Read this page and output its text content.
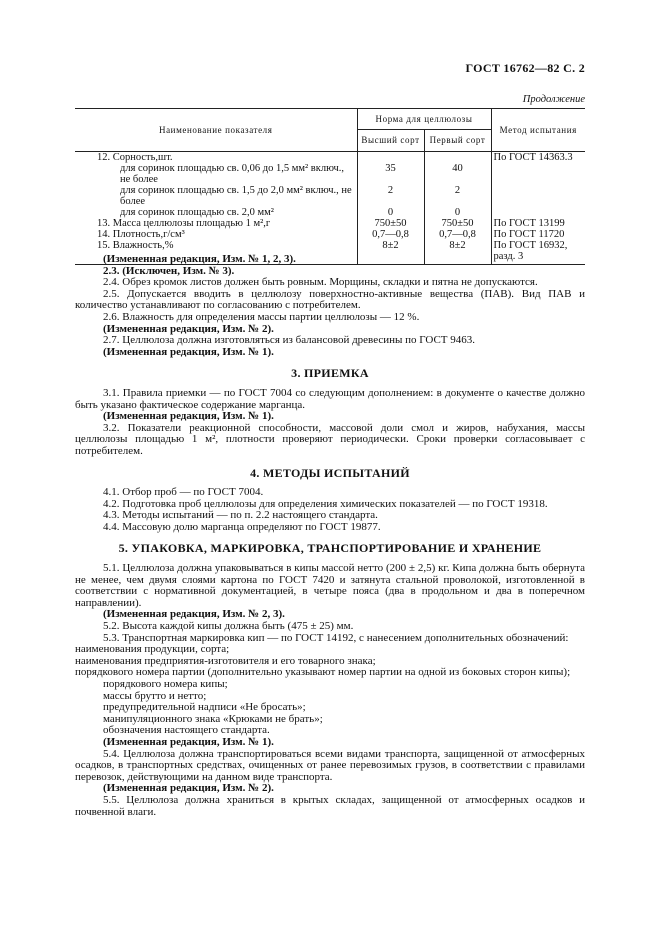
ГОСТ 16762—82 С. 2
Продолжение
Наименование показателя	Норма для целлюлозы		Метод испытания
	Высший сорт	Первый сорт	
12. Сорность,шт.			По ГОСТ 14363.3
для соринок площадью св. 0,06 до 1,5 мм² включ., не более	35	40	
для соринок площадью св. 1,5 до 2,0 мм² включ., не более	2	2	
для соринок площадью св. 2,0 мм²	0	0	
13. Масса целлюлозы площадью 1 м²,г	750±50	750±50	По ГОСТ 13199
14. Плотность,г/см³	0,7—0,8	0,7—0,8	По ГОСТ 11720
15. Влажность,%	8±2	8±2	По ГОСТ 16932, разд. 3

(Измененная редакция, Изм. № 1, 2, 3).

2.3. (Исключен, Изм. № 3).

2.4. Обрез кромок листов должен быть ровным. Морщины, складки и пятна не допускаются.

2.5. Допускается вводить в целлюлозу поверхностно-активные вещества (ПАВ). Вид ПАВ и количество устанавливают по согласованию с потребителем.

2.6. Влажность для определения массы партии целлюлозы — 12 %.

(Измененная редакция, Изм. № 2).

2.7. Целлюлоза должна изготовляться из балансовой древесины по ГОСТ 9463.

(Измененная редакция, Изм. № 1).

3. ПРИЕМКА

3.1. Правила приемки — по ГОСТ 7004 со следующим дополнением: в документе о качестве должно быть указано фактическое содержание марганца.

(Измененная редакция, Изм. № 1).

3.2. Показатели реакционной способности, массовой доли смол и жиров, набухания, массы целлюлозы площадью 1 м², плотности проверяют периодически. Сроки проверки согласовывает с потребителем.

4. МЕТОДЫ ИСПЫТАНИЙ

4.1. Отбор проб — по ГОСТ 7004.

4.2. Подготовка проб целлюлозы для определения химических показателей — по ГОСТ 19318.

4.3. Методы испытаний — по п. 2.2 настоящего стандарта.

4.4. Массовую долю марганца определяют по ГОСТ 19877.

5. УПАКОВКА, МАРКИРОВКА, ТРАНСПОРТИРОВАНИЕ И ХРАНЕНИЕ

5.1. Целлюлоза должна упаковываться в кипы массой нетто (200 ± 2,5) кг. Кипа должна быть обернута не менее, чем двумя слоями картона по ГОСТ 7420 и затянута стальной проволокой, изготовленной в соответствии с нормативной документацией, в четыре пояса (два в продольном и два в поперечном направлении).

(Измененная редакция, Изм. № 2, 3).

5.2. Высота каждой кипы должна быть (475 ± 25) мм.

5.3. Транспортная маркировка кип — по ГОСТ 14192, с нанесением дополнительных обозначений:

наименования продукции, сорта;

наименования предприятия-изготовителя и его товарного знака;

порядкового номера партии (дополнительно указывают номер партии на одной из боковых сторон кипы);

порядкового номера кипы;

массы брутто и нетто;

предупредительной надписи «Не бросать»;

манипуляционного знака «Крюками не брать»;

обозначения настоящего стандарта.

(Измененная редакция, Изм. № 1).

5.4. Целлюлоза должна транспортироваться всеми видами транспорта, защищенной от атмосферных осадков, в транспортных средствах, очищенных от ранее перевозимых грузов, в соответствии с правилами перевозок, действующими на данном виде транспорта.

(Измененная редакция, Изм. № 2).

5.5. Целлюлоза должна храниться в крытых складах, защищенной от атмосферных осадков и почвенной влаги.
